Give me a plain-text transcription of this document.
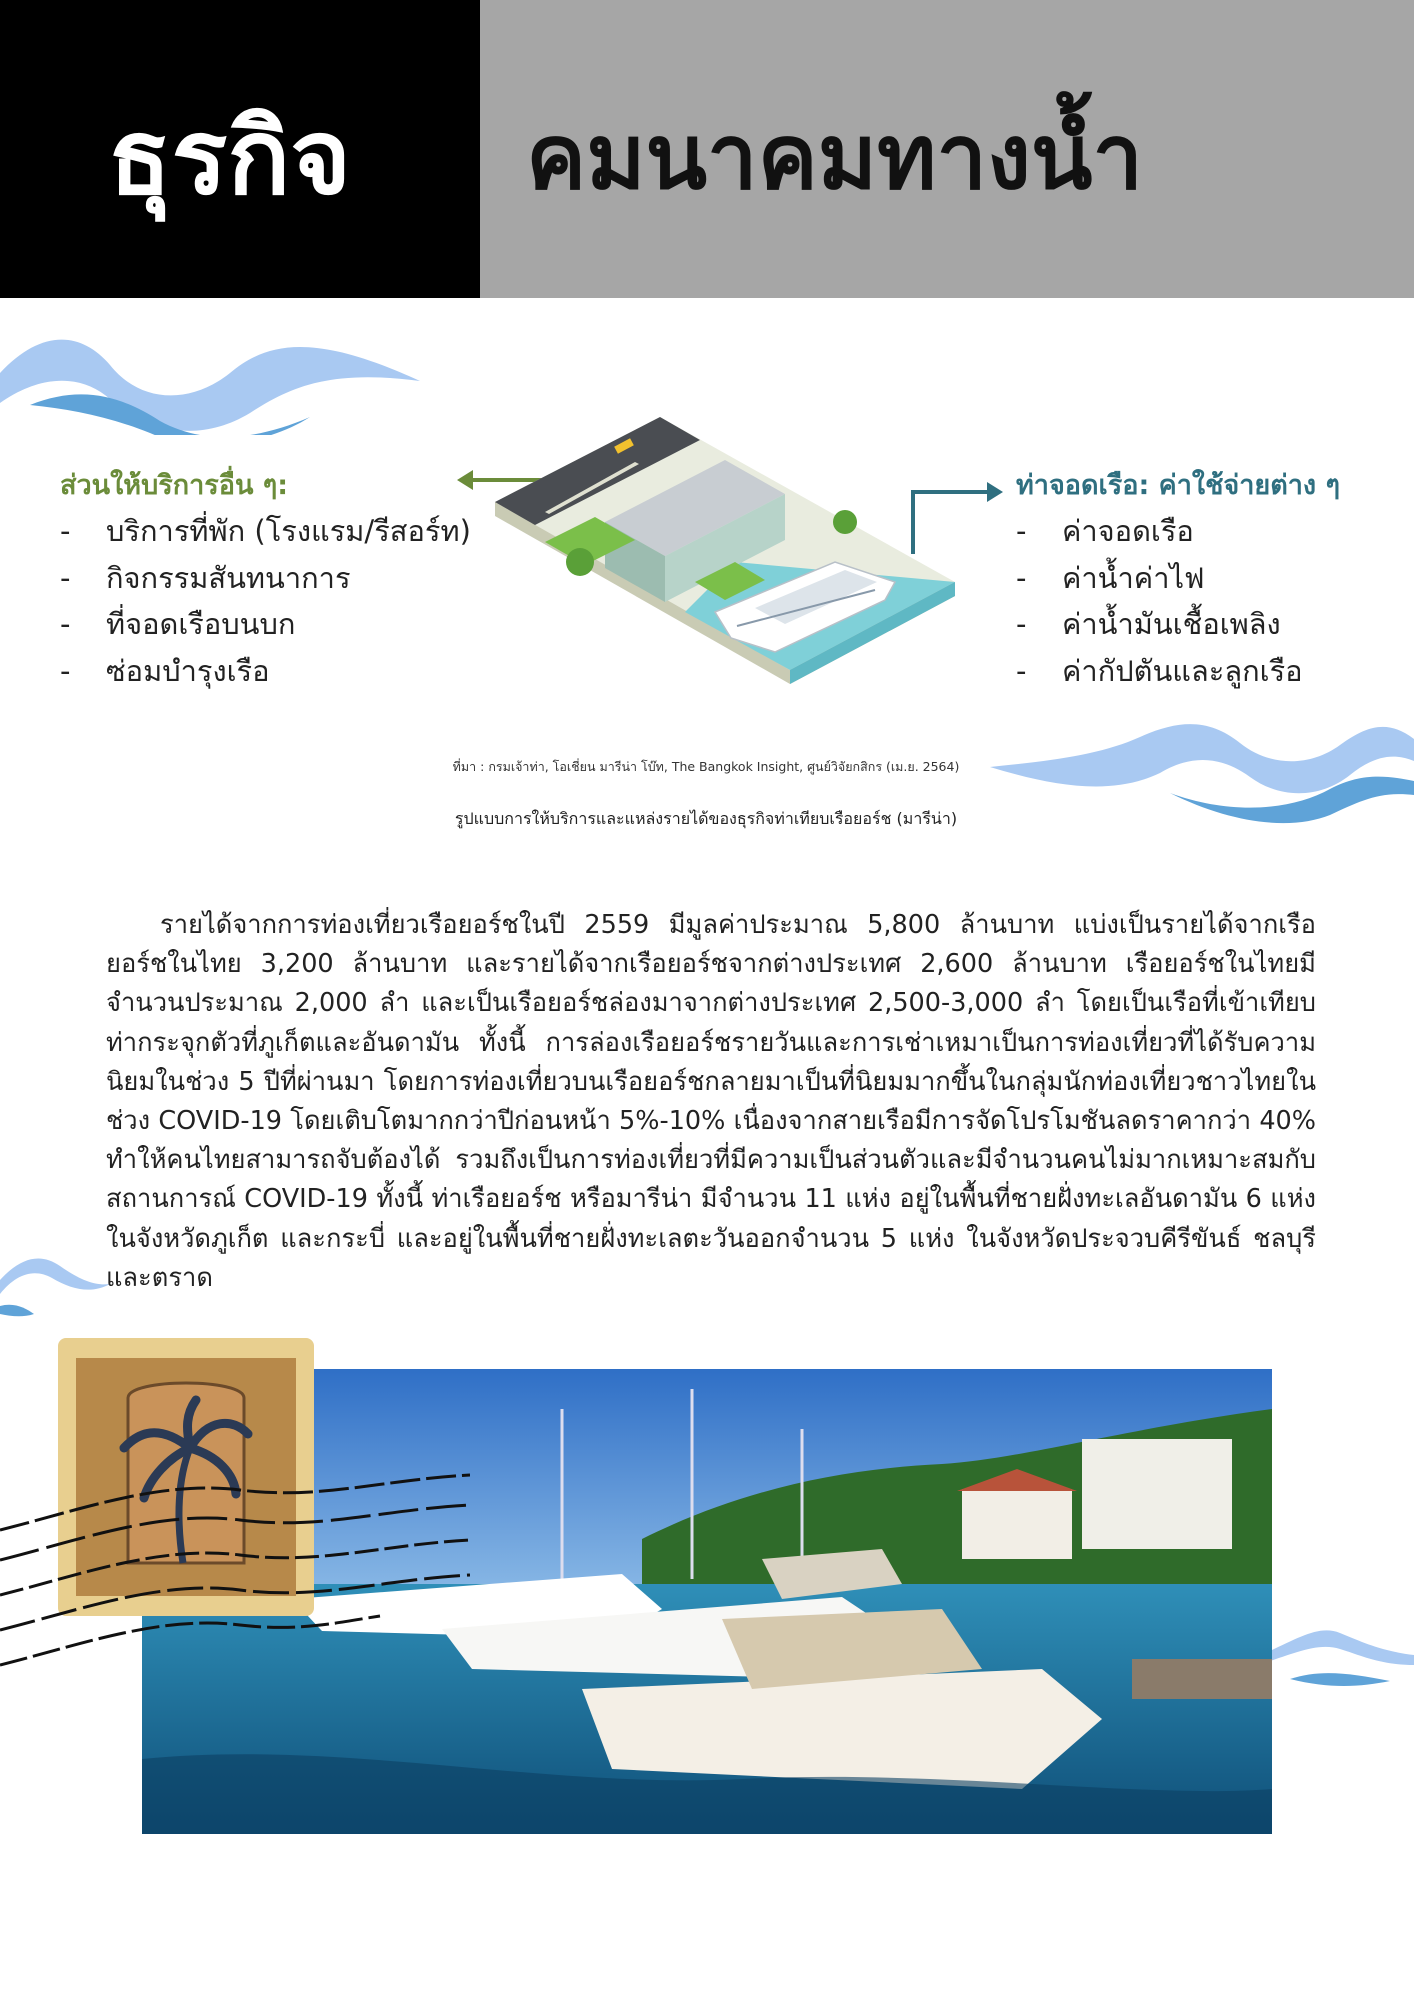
ธุรกิจ คมนาคมทางน้ำ
ส่วนให้บริการอื่น ๆ:
- บริการที่พัก (โรงแรม/รีสอร์ท)
- กิจกรรมสันทนาการ
- ที่จอดเรือบนบก
- ซ่อมบำรุงเรือ
ท่าจอดเรือ: ค่าใช้จ่ายต่าง ๆ
- ค่าจอดเรือ
- ค่าน้ำค่าไฟ
- ค่าน้ำมันเชื้อเพลิง
- ค่ากัปตันและลูกเรือ
ที่มา : กรมเจ้าท่า, โอเชี่ยน มารีน่า โบ๊ท, The Bangkok Insight, ศูนย์วิจัยกสิกร (เม.ย. 2564)
รูปแบบการให้บริการและแหล่งรายได้ของธุรกิจท่าเทียบเรือยอร์ช (มารีน่า)

รายได้จากการท่องเที่ยวเรือยอร์ชในปี 2559 มีมูลค่าประมาณ 5,800 ล้านบาท แบ่งเป็นรายได้จากเรือยอร์ชในไทย 3,200 ล้านบาท และรายได้จากเรือยอร์ชจากต่างประเทศ 2,600 ล้านบาท เรือยอร์ชในไทยมีจำนวนประมาณ 2,000 ลำ และเป็นเรือยอร์ชล่องมาจากต่างประเทศ 2,500-3,000 ลำ โดยเป็นเรือที่เข้าเทียบท่ากระจุกตัวที่ภูเก็ตและอันดามัน ทั้งนี้ การล่องเรือยอร์ชรายวันและการเช่าเหมาเป็นการท่องเที่ยวที่ได้รับความนิยมในช่วง 5 ปีที่ผ่านมา โดยการท่องเที่ยวบนเรือยอร์ชกลายมาเป็นที่นิยมมากขึ้นในกลุ่มนักท่องเที่ยวชาวไทยในช่วง COVID-19 โดยเติบโตมากกว่าปีก่อนหน้า 5%-10% เนื่องจากสายเรือมีการจัดโปรโมชันลดราคากว่า 40% ทำให้คนไทยสามารถจับต้องได้ รวมถึงเป็นการท่องเที่ยวที่มีความเป็นส่วนตัวและมีจำนวนคนไม่มากเหมาะสมกับสถานการณ์ COVID-19 ทั้งนี้ ท่าเรือยอร์ช หรือมารีน่า มีจำนวน 11 แห่ง อยู่ในพื้นที่ชายฝั่งทะเลอันดามัน 6 แห่ง ในจังหวัดภูเก็ต และกระบี่ และอยู่ในพื้นที่ชายฝั่งทะเลตะวันออกจำนวน 5 แห่ง ในจังหวัดประจวบคีรีขันธ์ ชลบุรี และตราด
